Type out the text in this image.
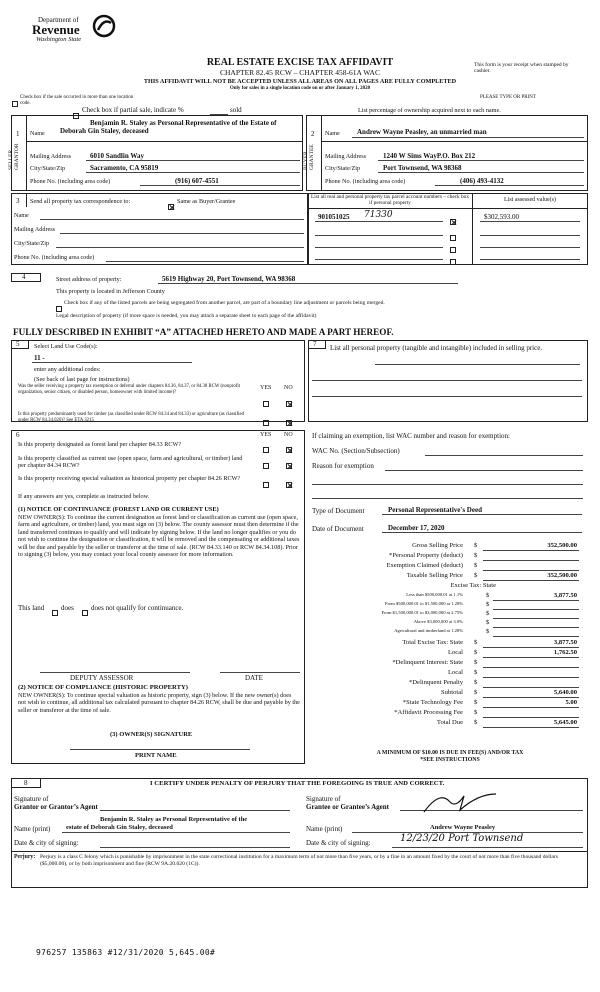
Department of
Revenue
Washington State
REAL ESTATE EXCISE TAX AFFIDAVIT
CHAPTER 82.45 RCW – CHAPTER 458-61A WAC
THIS AFFIDAVIT WILL NOT BE ACCEPTED UNLESS ALL AREAS ON ALL PAGES ARE FULLY COMPLETED
Only for sales in a single location code on or after January 1, 2020
This form is your receipt when stamped by cashier.
PLEASE TYPE OR PRINT
Check box if the sale occurred in more than one location code.
Check box if partial sale, indicate %	sold	List percentage of ownership acquired next to each name.
1	2
SELLER GRANTOR	BUYER GRANTEE
Benjamin R. Staley as Personal Representative of the Estate of
Name Deborah Gin Staley, deceased
Mailing Address	6010 Sandlin Way
City/State/Zip	Sacramento, CA 95819
Phone No. (including area code)	(916) 607-4551
Name Andrew Wayne Peasley, an unmarried man
Mailing Address 1240 W Sims WayP.O. Box 212
City/State/Zip	Port Townsend, WA 98368
Phone No. (including area code)	(406) 493-4132
3 Send all property tax correspondence to:	Same as Buyer/Grantee
Name
Mailing Address
City/State/Zip
Phone No. (including area code)
List all real and personal property tax parcel account numbers – check box if personal property	List assessed value(s)
901051025 71330	$302,593.00
4	Street address of property:	5619 Highway 20, Port Townsend, WA 98368
This property is located in Jefferson County
Check box if any of the listed parcels are being segregated from another parcel, are part of a boundary line adjustment or parcels being merged.
Legal description of property (if more space is needed, you may attach a separate sheet to each page of the affidavit)
FULLY DESCRIBED IN EXHIBIT “A” ATTACHED HERETO AND MADE A PART HEREOF.
5 Select Land Use Code(s):
11 -
enter any additional codes:
(See back of last page for instructions)
YES NO
Was the seller receiving a property tax exemption or deferral under chapters 84.36, 84.37, or 84.38 RCW (nonprofit organization, senior citizen, or disabled person, homeowner with limited income)?
Is this property predominantly used for timber (as classified under RCW 84.34 and 84.33) or agriculture (as classified under RCW 84.34.020)? See ETA 3215
6	YES NO
Is this property designated as forest land per chapter 84.33 RCW?
Is this property classified as current use (open space, farm and agricultural, or timber) land per chapter 84.34 RCW?
Is this property receiving special valuation as historical property per chapter 84.26 RCW?
If any answers are yes, complete as instructed below.
(1) NOTICE OF CONTINUANCE (FOREST LAND OR CURRENT USE)
NEW OWNER(S): To continue the current designation as forest land or classification as current use (open space, farm and agriculture, or timber) land, you must sign on (3) below. The county assessor must then determine if the land transferred continues to qualify and will indicate by signing below. If the land no longer qualifies or you do not wish to continue the designation or classification, it will be removed and the compensating or additional taxes will be due and payable by the seller or transferor at the time of sale. (RCW 84.33.140 or RCW 84.34.108). Prior to signing (3) below, you may contact your local county assessor for more information.
This land does does not qualify for continuance.
DEPUTY ASSESSOR	DATE
(2) NOTICE OF COMPLIANCE (HISTORIC PROPERTY)
NEW OWNER(S): To continue special valuation as historic property, sign (3) below. If the new owner(s) does not wish to continue, all additional tax calculated pursuant to chapter 84.26 RCW, shall be due and payable by the seller or transferor at the time of sale.
(3) OWNER(S) SIGNATURE
PRINT NAME
7 List all personal property (tangible and intangible) included in selling price.
If claiming an exemption, list WAC number and reason for exemption:
WAC No. (Section/Subsection)
Reason for exemption
Type of Document	Personal Representative's Deed
Date of Document	December 17, 2020
Gross Selling Price $	352,500.00
*Personal Property (deduct) $
Exemption Claimed (deduct) $
Taxable Selling Price $	352,500.00
Excise Tax: State
Less than $500,000.01 at 1.1%	$	3,877.50
From $500,000.01 to $1,500,000 at 1.28%	$
From $1,500,000.01 to $3,000,000 at 2.75%	$
Above $3,000,000 at 3.0%	$
Agricultural and timberland at 1.28%	$
Total Excise Tax: State $	3,877.50
Local $	1,762.50
*Delinquent Interest: State $
Local $
*Delinquent Penalty $
Subtotal $	5,640.00
*State Technology Fee $	5.00
*Affidavit Processing Fee $
Total Due $	5,645.00
A MINIMUM OF $10.00 IS DUE IN FEE(S) AND/OR TAX
*SEE INSTRUCTIONS
8	I CERTIFY UNDER PENALTY OF PERJURY THAT THE FOREGOING IS TRUE AND CORRECT.
Signature of
Grantor or Grantor’s Agent
Signature of
Grantee or Grantee’s Agent
Benjamin R. Staley as Personal Representative of the
Name (print) estate of Deborah Gin Staley, deceased	Name (print)	Andrew Wayne Peasley
Date & city of signing:	Date & city of signing:	12/23/20 Port Townsend
Perjury: Perjury is a class C felony which is punishable by imprisonment in the state correctional institution for a maximum term of not more than five years, or by a fine in an amount fixed by the court of not more than five thousand dollars ($5,000.00), or by both imprisonment and fine (RCW 9A.20.020 (1C)).
976257 135863 #12/31/2020 5,645.00#
